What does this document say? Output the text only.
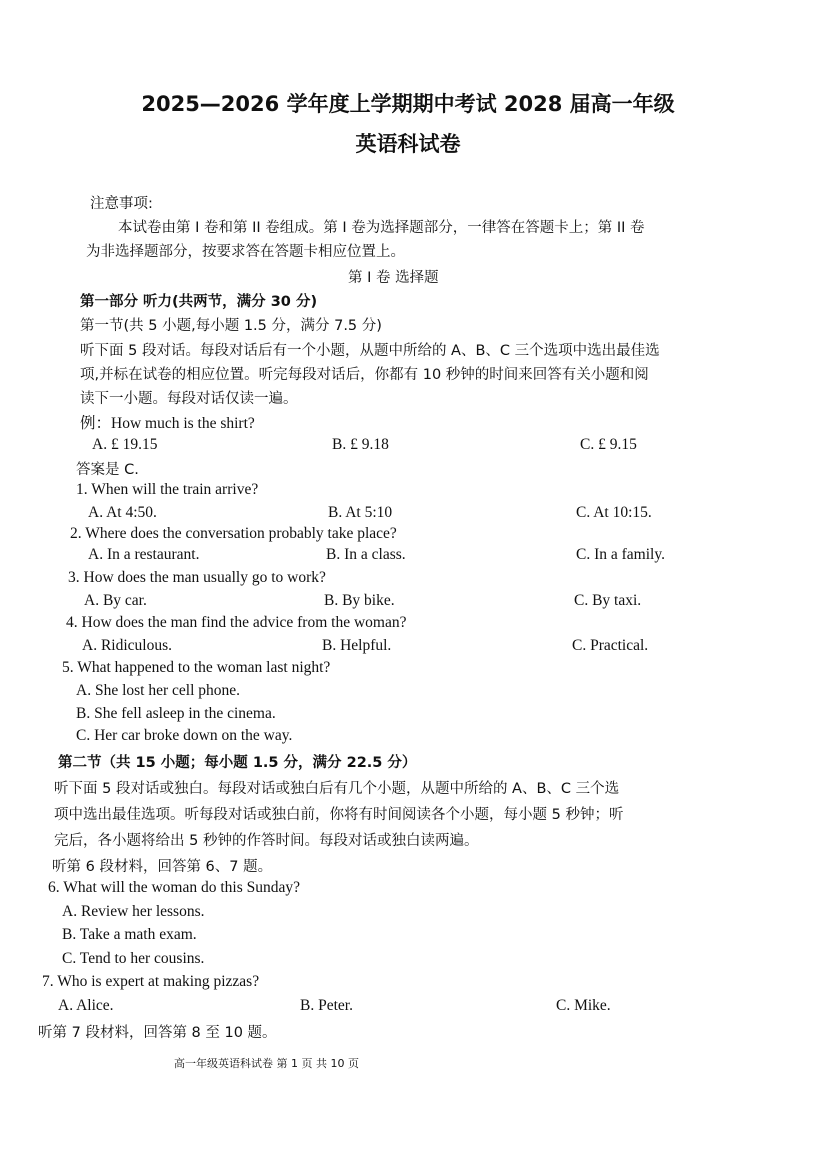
2025—2026 学年度上学期期中考试 2028 届高一年级
英语科试卷
注意事项:
本试卷由第 I 卷和第 II 卷组成。第 I 卷为选择题部分，一律答在答题卡上；第 II 卷
为非选择题部分，按要求答在答题卡相应位置上。
第 I 卷 选择题
第一部分 听力(共两节，满分 30 分)
第一节(共 5 小题,每小题 1.5 分，满分 7.5 分)
听下面 5 段对话。每段对话后有一个小题，从题中所给的 A、B、C 三个选项中选出最佳选
项,并标在试卷的相应位置。听完每段对话后，你都有 10 秒钟的时间来回答有关小题和阅
读下一小题。每段对话仅读一遍。
例：How much is the shirt?
A. £ 19.15	B. £ 9.18	C. £ 9.15
答案是 C.
1. When will the train arrive?
A. At 4:50.	B. At 5:10	C. At 10:15.
2. Where does the conversation probably take place?
A. In a restaurant.	B. In a class.	C. In a family.
3. How does the man usually go to work?
A. By car.	B. By bike.	C. By taxi.
4. How does the man find the advice from the woman?
A. Ridiculous.	B. Helpful.	C. Practical.
5. What happened to the woman last night?
A. She lost her cell phone.
B. She fell asleep in the cinema.
C. Her car broke down on the way.
第二节（共 15 小题；每小题 1.5 分，满分 22.5 分）
听下面 5 段对话或独白。每段对话或独白后有几个小题，从题中所给的 A、B、C 三个选
项中选出最佳选项。听每段对话或独白前，你将有时间阅读各个小题，每小题 5 秒钟；听
完后，各小题将给出 5 秒钟的作答时间。每段对话或独白读两遍。
听第 6 段材料，回答第 6、7 题。
6. What will the woman do this Sunday?
A. Review her lessons.
B. Take a math exam.
C. Tend to her cousins.
7. Who is expert at making pizzas?
A. Alice.	B. Peter.	C. Mike.
听第 7 段材料，回答第 8 至 10 题。
高一年级英语科试卷 第 1 页 共 10 页
